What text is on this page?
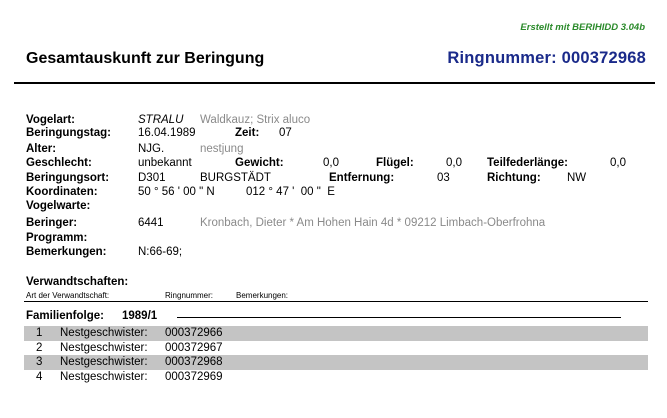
Erstellt mit BERIHIDD 3.04b
Gesamtauskunft zur Beringung	Ringnummer: 000372968
Vogelart:	STRALU Waldkauz; Strix aluco
Beringungstag: 16.04.1989	Zeit: 07
Alter:	NJG.	nestjung
Geschlecht:	unbekannt	Gewicht:	0,0	Flügel:	0,0 Teilfederlänge:	0,0
Beringungsort:	D301	BURGSTÄDT	Entfernung:	03	Richtung: NW
Koordinaten:	50 ° 56 ' 00 " N	012 ° 47 '  00 "  E
Vogelwarte:
Beringer:	6441	Kronbach, Dieter * Am Hohen Hain 4d * 09212 Limbach-Oberfrohna
Programm:
Bemerkungen:	N:66-69;
Verwandtschaften:
Art der Verwandtschaft:	Ringnummer:	Bemerkungen:
Familienfolge: 1989/1
1 Nestgeschwister: 000372966
2 Nestgeschwister: 000372967
3 Nestgeschwister: 000372968
4 Nestgeschwister: 000372969
